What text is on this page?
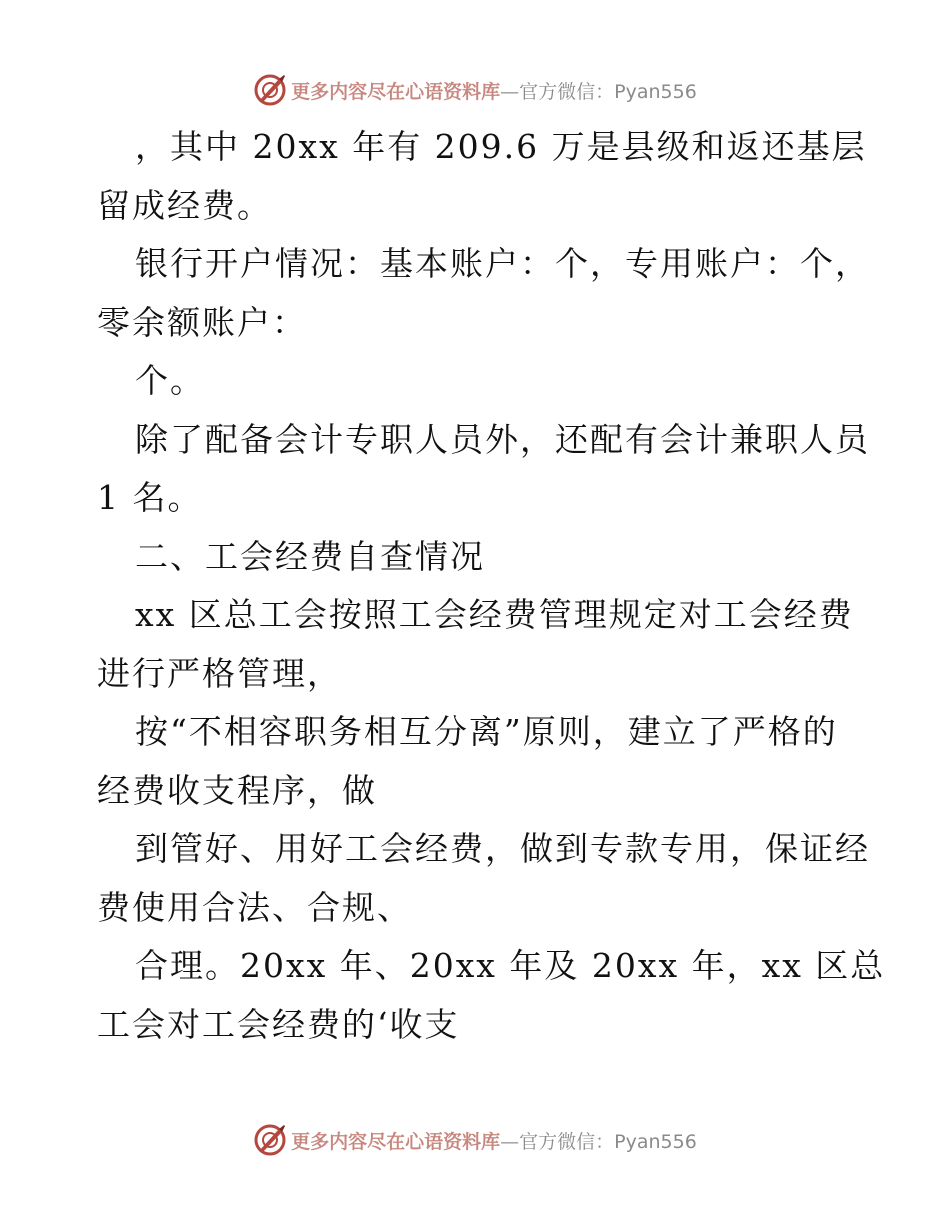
更多内容尽在心语资料库—官方微信：Pyan556
，其中 20xx 年有 209.6 万是县级和返还基层
留成经费。
银行开户情况：基本账户：个，专用账户：个，
零余额账户：
个。
除了配备会计专职人员外，还配有会计兼职人员
1 名。
二、工会经费自查情况
xx 区总工会按照工会经费管理规定对工会经费
进行严格管理，
按“不相容职务相互分离”原则，建立了严格的
经费收支程序，做
到管好、用好工会经费，做到专款专用，保证经
费使用合法、合规、
合理。20xx 年、20xx 年及 20xx 年，xx 区总
工会对工会经费的‘收支
更多内容尽在心语资料库—官方微信：Pyan556
